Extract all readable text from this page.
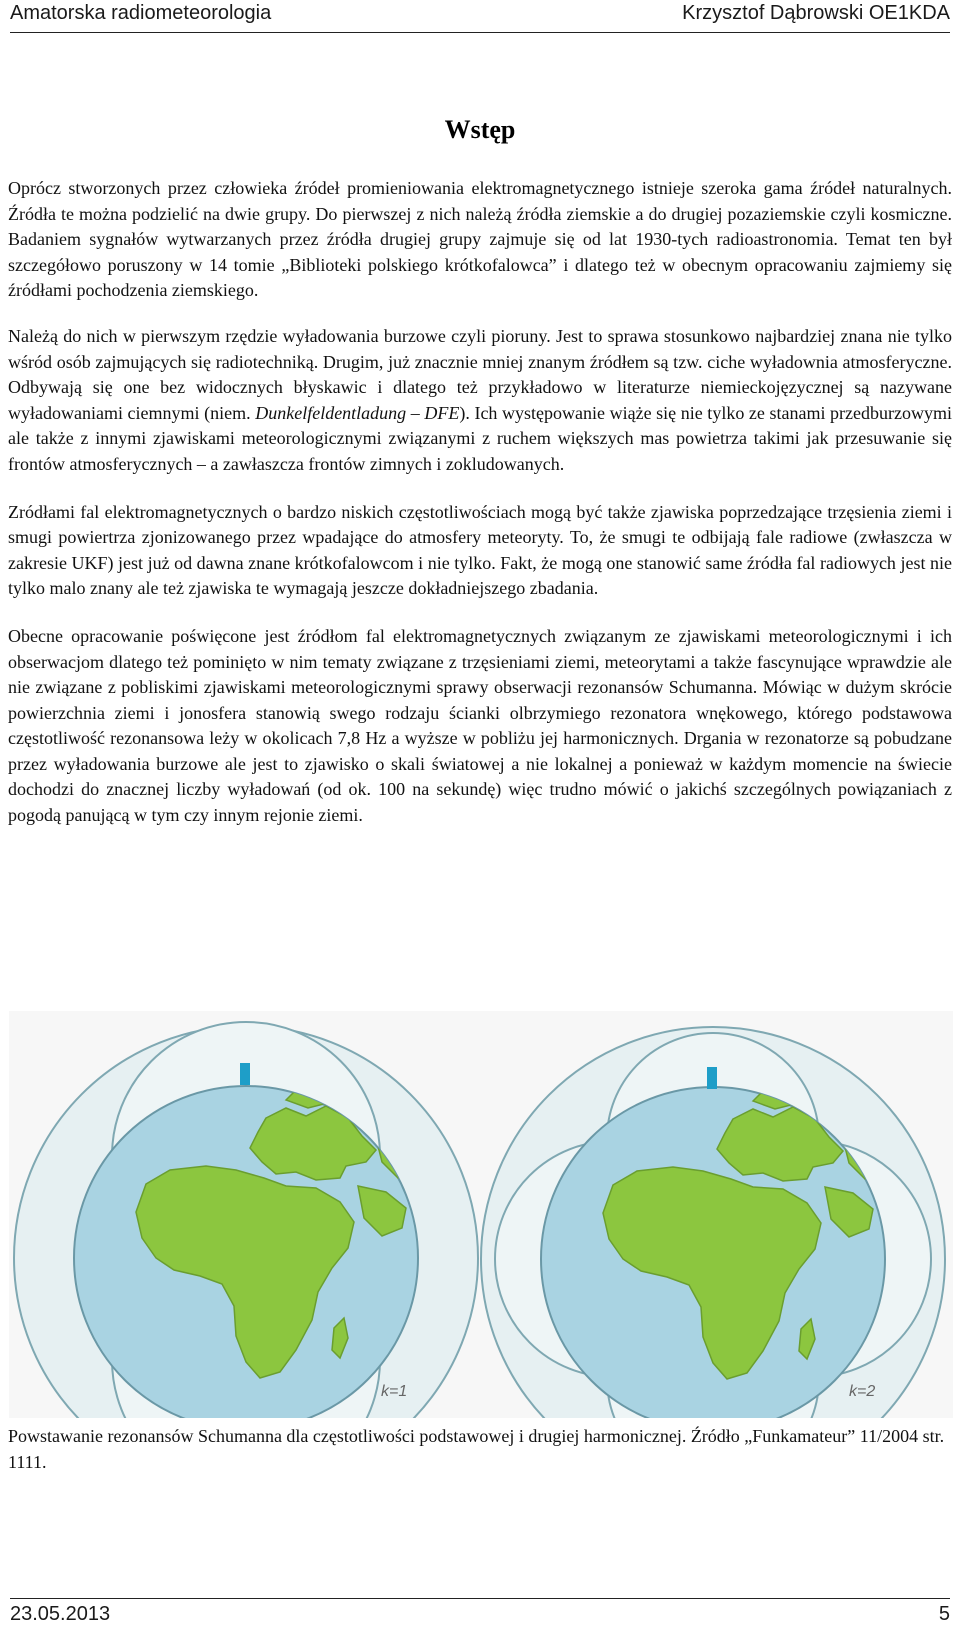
Amatorska radiometeorologia	Krzysztof Dąbrowski OE1KDA
Wstęp

Oprócz stworzonych przez człowieka źródeł promieniowania elektromagnetycznego istnieje szeroka gama źródeł naturalnych. Źródła te można podzielić na dwie grupy. Do pierwszej z nich należą źródła ziemskie a do drugiej pozaziemskie czyli kosmiczne. Badaniem sygnałów wytwarzanych przez źródła drugiej grupy zajmuje się od lat 1930-tych radioastronomia. Temat ten był szczegółowo poruszony w 14 tomie „Biblioteki polskiego krótkofalowca” i dlatego też w obecnym opracowaniu zajmiemy się źródłami pochodzenia ziemskiego.

Należą do nich w pierwszym rzędzie wyładowania burzowe czyli pioruny. Jest to sprawa stosunkowo najbardziej znana nie tylko wśród osób zajmujących się radiotechniką. Drugim, już znacznie mniej znanym źródłem są tzw. ciche wyładownia atmosferyczne. Odbywają się one bez widocznych błyskawic i dlatego też przykładowo w literaturze niemieckojęzycznej są nazywane wyładowaniami ciemnymi (niem. Dunkelfeldentladung – DFE). Ich występowanie wiąże się nie tylko ze stanami przedburzowymi ale także z innymi zjawiskami meteorologicznymi związanymi z ruchem większych mas powietrza takimi jak przesuwanie się frontów atmosferycznych – a zawłaszcza frontów zimnych i zokludowanych.

Zródłami fal elektromagnetycznych o bardzo niskich częstotliwościach mogą być także zjawiska poprzedzające trzęsienia ziemi i smugi powiertrza zjonizowanego przez wpadające do atmosfery meteoryty. To, że smugi te odbijają fale radiowe (zwłaszcza w zakresie UKF) jest już od dawna znane krótkofalowcom i nie tylko. Fakt, że mogą one stanowić same źródła fal radiowych jest nie tylko malo znany ale też zjawiska te wymagają jeszcze dokładniejszego zbadania.

Obecne opracowanie poświęcone jest źródłom fal elektromagnetycznych związanym ze zjawiskami meteorologicznymi i ich obserwacjom dlatego też pominięto w nim tematy związane z trzęsieniami ziemi, meteorytami a także fascynujące wprawdzie ale nie związane z pobliskimi zjawiskami meteorologicznymi sprawy obserwacji rezonansów Schumanna. Mówiąc w dużym skrócie powierzchnia ziemi i jonosfera stanowią swego rodzaju ścianki olbrzymiego rezonatora wnękowego, którego podstawowa częstotliwość rezonansowa leży w okolicach 7,8 Hz a wyższe w pobliżu jej harmonicznych. Drgania w rezonatorze są pobudzane przez wyładowania burzowe ale jest to zjawisko o skali światowej a nie lokalnej a ponieważ w każdym momencie na świecie dochodzi do znacznej liczby wyładowań (od ok. 100 na sekundę) więc trudno mówić o jakichś szczególnych powiązaniach z pogodą panującą w tym czy innym rejonie ziemi.

k=1	k=2
Powstawanie rezonansów Schumanna dla częstotliwości podstawowej i drugiej harmonicznej. Źródło „Funkamateur” 11/2004 str. 1111.
23.05.2013	5
